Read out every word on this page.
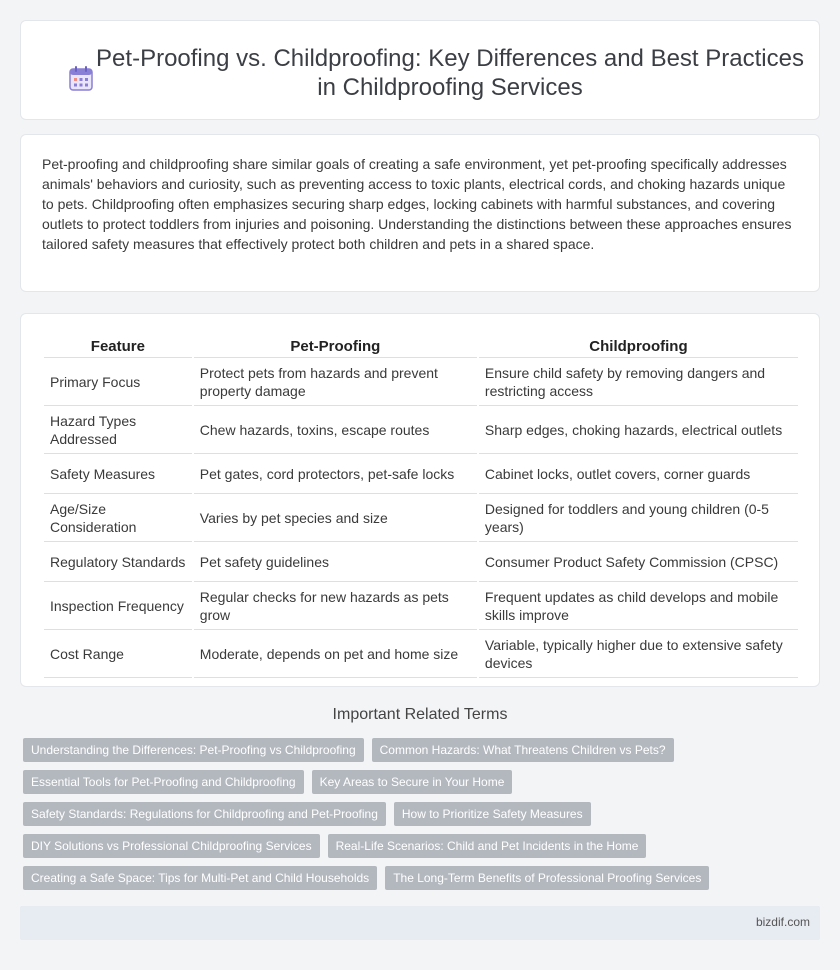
Pet-Proofing vs. Childproofing: Key Differences and Best Practices in Childproofing Services

Pet-proofing and childproofing share similar goals of creating a safe environment, yet pet-proofing specifically addresses animals' behaviors and curiosity, such as preventing access to toxic plants, electrical cords, and choking hazards unique to pets. Childproofing often emphasizes securing sharp edges, locking cabinets with harmful substances, and covering outlets to protect toddlers from injuries and poisoning. Understanding the distinctions between these approaches ensures tailored safety measures that effectively protect both children and pets in a shared space.

Feature	Pet-Proofing	Childproofing
Primary Focus	Protect pets from hazards and prevent property damage	Ensure child safety by removing dangers and restricting access
Hazard Types Addressed	Chew hazards, toxins, escape routes	Sharp edges, choking hazards, electrical outlets
Safety Measures	Pet gates, cord protectors, pet-safe locks	Cabinet locks, outlet covers, corner guards
Age/Size Consideration	Varies by pet species and size	Designed for toddlers and young children (0-5 years)
Regulatory Standards	Pet safety guidelines	Consumer Product Safety Commission (CPSC)
Inspection Frequency	Regular checks for new hazards as pets grow	Frequent updates as child develops and mobile skills improve
Cost Range	Moderate, depends on pet and home size	Variable, typically higher due to extensive safety devices
Important Related Terms
Understanding the Differences: Pet-Proofing vs Childproofing	Common Hazards: What Threatens Children vs Pets?
Essential Tools for Pet-Proofing and Childproofing	Key Areas to Secure in Your Home
Safety Standards: Regulations for Childproofing and Pet-Proofing	How to Prioritize Safety Measures
DIY Solutions vs Professional Childproofing Services	Real-Life Scenarios: Child and Pet Incidents in the Home
Creating a Safe Space: Tips for Multi-Pet and Child Households	The Long-Term Benefits of Professional Proofing Services
bizdif.com
